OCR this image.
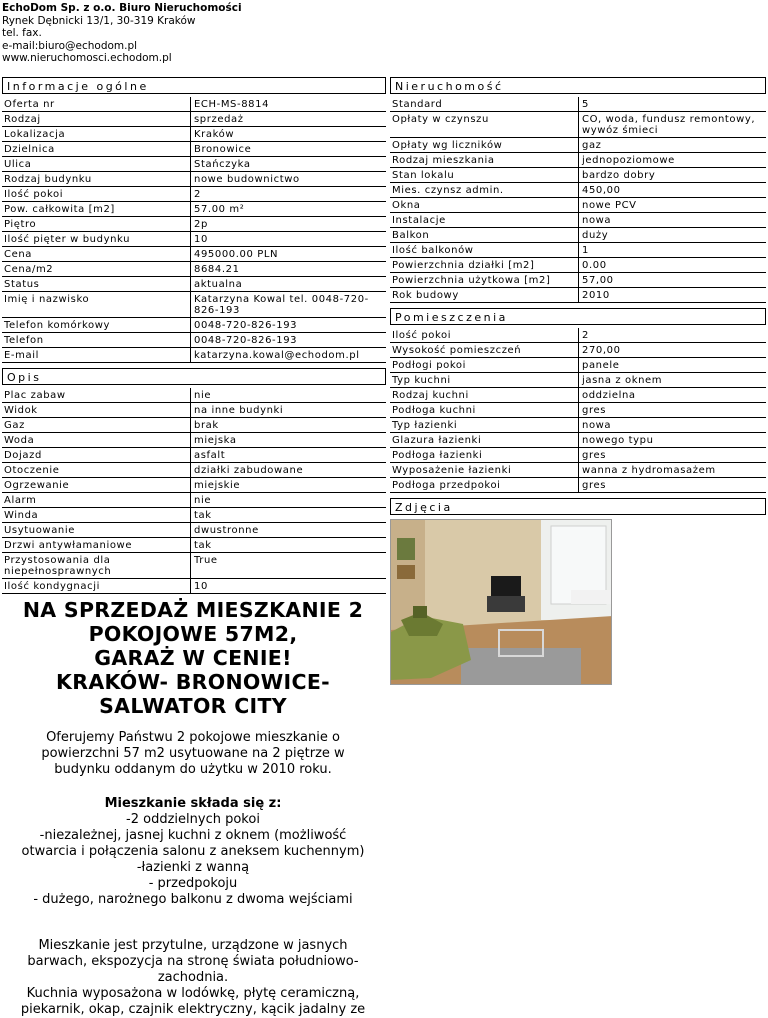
EchoDom Sp. z o.o. Biuro Nieruchomości
Rynek Dębnicki 13/1, 30-319 Kraków
tel. fax.
e-mail:biuro@echodom.pl
www.nieruchomosci.echodom.pl
Informacje ogólne
Oferta nr	ECH-MS-8814
Rodzaj	sprzedaż
Lokalizacja	Kraków
Dzielnica	Bronowice
Ulica	Stańczyka
Rodzaj budynku	nowe budownictwo
Ilość pokoi	2
Pow. całkowita [m2]	57.00 m²
Piętro	2p
Ilość pięter w budynku	10
Cena	495000.00 PLN
Cena/m2	8684.21
Status	aktualna
Imię i nazwisko	Katarzyna Kowal tel. 0048-720-826-193
Telefon komórkowy	0048-720-826-193
Telefon	0048-720-826-193
E-mail	katarzyna.kowal@echodom.pl
Opis
Plac zabaw	nie
Widok	na inne budynki
Gaz	brak
Woda	miejska
Dojazd	asfalt
Otoczenie	działki zabudowane
Ogrzewanie	miejskie
Alarm	nie
Winda	tak
Usytuowanie	dwustronne
Drzwi antywłamaniowe	tak
Przystosowania dla niepełnosprawnych	True
Ilość kondygnacji	10
Nieruchomość
Standard	5
Opłaty w czynszu	CO, woda, fundusz remontowy, wywóz śmieci
Opłaty wg liczników	gaz
Rodzaj mieszkania	jednopoziomowe
Stan lokalu	bardzo dobry
Mies. czynsz admin.	450,00
Okna	nowe PCV
Instalacje	nowa
Balkon	duży
Ilość balkonów	1
Powierzchnia działki [m2]	0.00
Powierzchnia użytkowa [m2]	57,00
Rok budowy	2010
Pomieszczenia
Ilość pokoi	2
Wysokość pomieszczeń	270,00
Podłogi pokoi	panele
Typ kuchni	jasna z oknem
Rodzaj kuchni	oddzielna
Podłoga kuchni	gres
Typ łazienki	nowa
Glazura łazienki	nowego typu
Podłoga łazienki	gres
Wyposażenie łazienki	wanna z hydromasażem
Podłoga przedpokoi	gres
Zdjęcia
NA SPRZEDAŻ MIESZKANIE 2
POKOJOWE 57M2,
GARAŻ W CENIE!
KRAKÓW- BRONOWICE-
SALWATOR CITY

Oferujemy Państwu 2 pokojowe mieszkanie o
powierzchni 57 m2 usytuowane na 2 piętrze w
budynku oddanym do użytku w 2010 roku.

Mieszkanie składa się z:

-2 oddzielnych pokoi
-niezależnej, jasnej kuchni z oknem (możliwość
otwarcia i połączenia salonu z aneksem kuchennym)
-łazienki z wanną
- przedpokoju
- dużego, narożnego balkonu z dwoma wejściami

Mieszkanie jest przytulne, urządzone w jasnych
barwach, ekspozycja na stronę świata południowo-
zachodnia.
Kuchnia wyposażona w lodówkę, płytę ceramiczną,
piekarnik, okap, czajnik elektryczny, kącik jadalny ze
